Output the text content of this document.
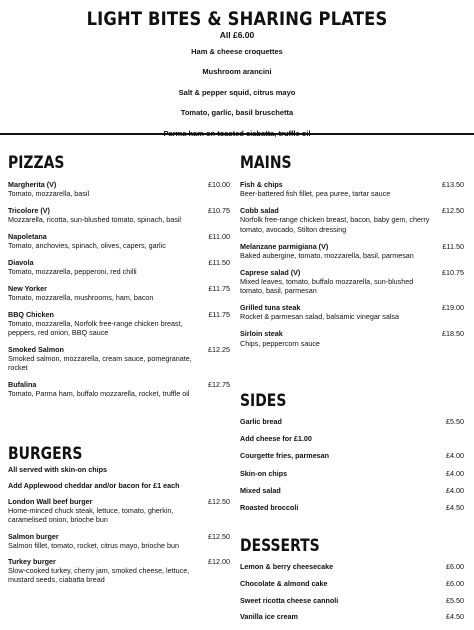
LIGHT BITES & SHARING PLATES
All £6.00
Ham & cheese croquettes
Mushroom arancini
Salt & pepper squid, citrus mayo
Tomato, garlic, basil bruschetta
PIZZAS
Margherita (V)	£10.00
Tomato, mozzarella, basil
Tricolore (V)	£10.75
Mozzarella, ricotta, sun-blushed tomato, spinach, basil
Napoletana	£11.00
Tomato, anchovies, spinach, olives, capers, garlic
Diavola	£11.50
Tomato, mozzarella, pepperoni, red chilli
New Yorker	£11.75
Tomato, mozzarella, mushrooms, ham, bacon
BBQ Chicken	£11.75
Tomato, mozzarella, Norfolk free-range chicken breast, peppers, red onion, BBQ sauce
Smoked Salmon	£12.25
Smoked salmon, mozzarella, cream sauce, pomegranate, rocket
Bufalina	£12.75
Tomato, Parma ham, buffalo mozzarella, rocket, truffle oil
BURGERS
All served with skin-on chips
Add Applewood cheddar and/or bacon for £1 each
London Wall beef burger	£12.50
Home-minced chuck steak, lettuce, tomato, gherkin, caramelised onion, brioche bun
Salmon burger	£12.50
Salmon fillet, tomato, rocket, citrus mayo, brioche bun
Turkey burger	£12.00
Slow-cooked turkey, cherry jam, smoked cheese, lettuce, mustard seeds, ciabatta bread
MAINS
Fish & chips	£13.50
Beer-battered fish fillet, pea puree, tartar sauce
Cobb salad	£12.50
Norfolk free-range chicken breast, bacon, baby gem, cherry tomato, avocado, Stilton dressing
Melanzane parmigiana (V)	£11.50
Baked aubergine, tomato, mozzarella, basil, parmesan
Caprese salad (V)	£10.75
Mixed leaves, tomato, buffalo mozzarella, sun-blushed tomato, basil, parmesan
Grilled tuna steak	£19.00
Rocket & parmesan salad, balsamic vinegar salsa
Sirloin steak	£18.50
Chips, peppercorn sauce
SIDES
Garlic bread	£5.50
Add cheese for £1.00
Courgette fries, parmesan	£4.00
Skin-on chips	£4.00
Mixed salad	£4.00
Roasted broccoli	£4.50
DESSERTS
Lemon & berry cheesecake	£6.00
Chocolate & almond cake	£6.00
Sweet ricotta cheese cannoli	£5.50
Vanilla ice cream	£4.50
